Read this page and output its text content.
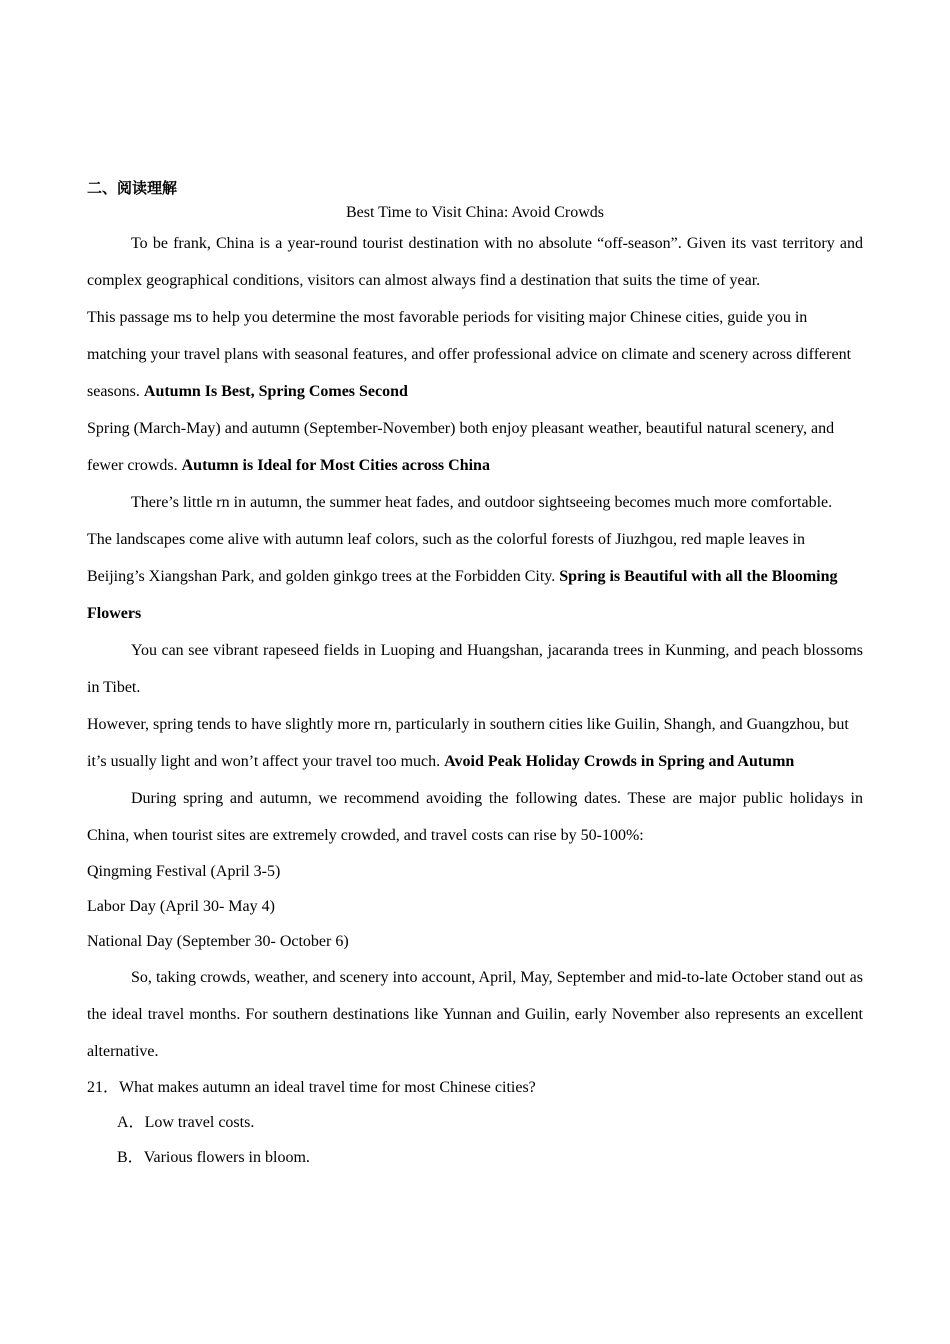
二、阅读理解
Best Time to Visit China: Avoid Crowds

To be frank, China is a year-round tourist destination with no absolute “off-season”. Given its vast territory and complex geographical conditions, visitors can almost always find a destination that suits the time of year.

This passage ms to help you determine the most favorable periods for visiting major Chinese cities, guide you in matching your travel plans with seasonal features, and offer professional advice on climate and scenery across different seasons. Autumn Is Best, Spring Comes Second

Spring (March-May) and autumn (September-November) both enjoy pleasant weather, beautiful natural scenery, and fewer crowds. Autumn is Ideal for Most Cities across China

There’s little rn in autumn, the summer heat fades, and outdoor sightseeing becomes much more comfortable.

The landscapes come alive with autumn leaf colors, such as the colorful forests of Jiuzhgou, red maple leaves in Beijing’s Xiangshan Park, and golden ginkgo trees at the Forbidden City. Spring is Beautiful with all the Blooming Flowers

You can see vibrant rapeseed fields in Luoping and Huangshan, jacaranda trees in Kunming, and peach blossoms in Tibet.

However, spring tends to have slightly more rn, particularly in southern cities like Guilin, Shangh, and Guangzhou, but it’s usually light and won’t affect your travel too much. Avoid Peak Holiday Crowds in Spring and Autumn

During spring and autumn, we recommend avoiding the following dates. These are major public holidays in China, when tourist sites are extremely crowded, and travel costs can rise by 50-100%:

Qingming Festival (April 3-5)

Labor Day (April 30- May 4)

National Day (September 30- October 6)

So, taking crowds, weather, and scenery into account, April, May, September and mid-to-late October stand out as the ideal travel months. For southern destinations like Yunnan and Guilin, early November also represents an excellent alternative.

21．What makes autumn an ideal travel time for most Chinese cities?

A．Low travel costs.

B．Various flowers in bloom.
